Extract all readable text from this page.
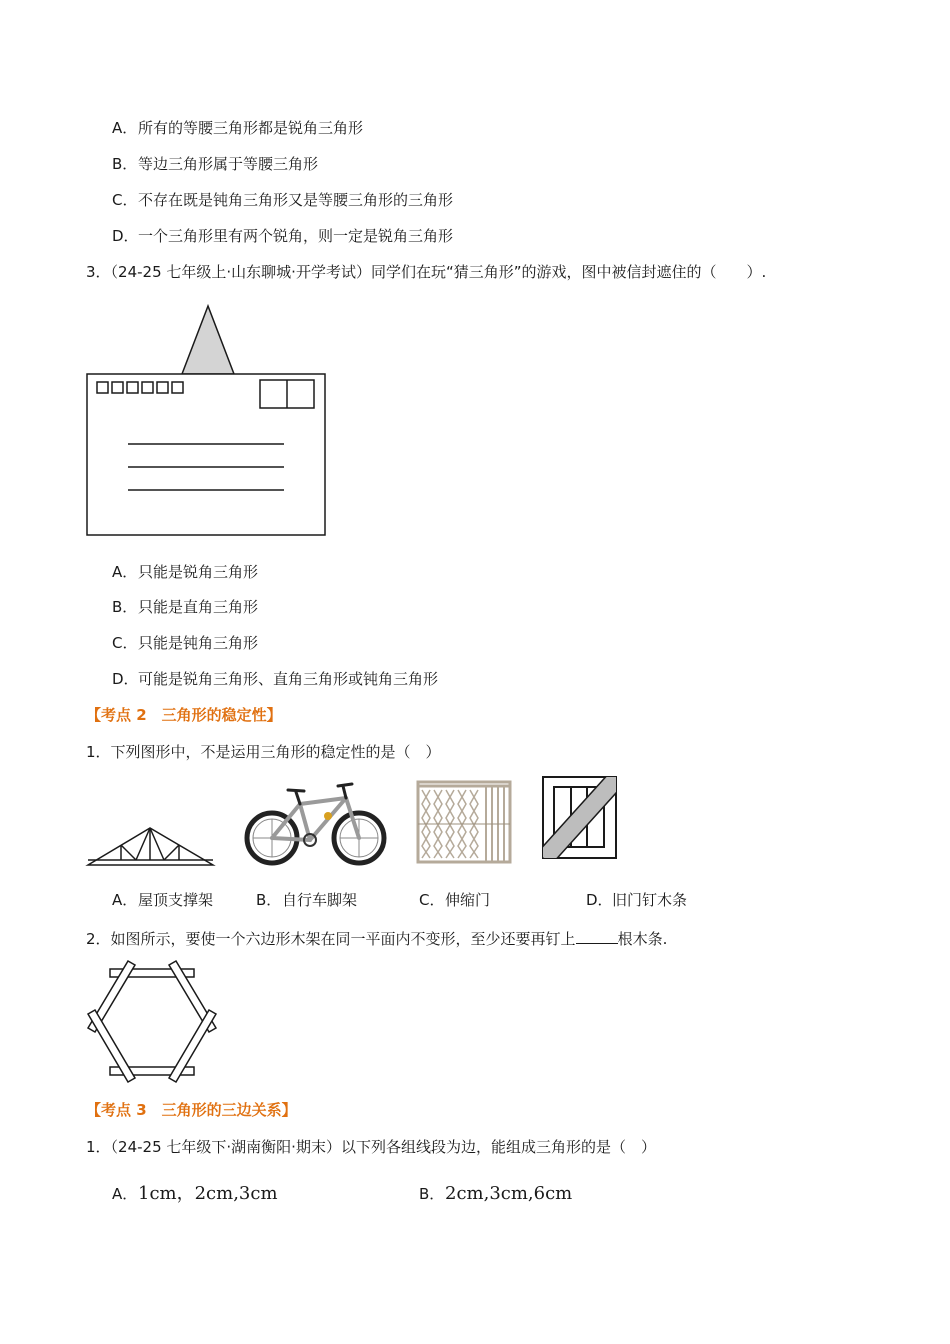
A．所有的等腰三角形都是锐角三角形
B．等边三角形属于等腰三角形
C．不存在既是钝角三角形又是等腰三角形的三角形
D．一个三角形里有两个锐角，则一定是锐角三角形
3．（24-25 七年级上·山东聊城·开学考试）同学们在玩“猜三角形”的游戏，图中被信封遮住的（　　）.
A．只能是锐角三角形
B．只能是直角三角形
C．只能是钝角三角形
D．可能是锐角三角形、直角三角形或钝角三角形
【考点 2　三角形的稳定性】
1．下列图形中，不是运用三角形的稳定性的是（　）
A．屋顶支撑架	B．自行车脚架	C．伸缩门	D．旧门钉木条
2．如图所示，要使一个六边形木架在同一平面内不变形，至少还要再钉上	根木条.
【考点 3　三角形的三边关系】
1．（24-25 七年级下·湖南衡阳·期末）以下列各组线段为边，能组成三角形的是（　）
A．1cm，2cm,3cm	B．2cm,3cm,6cm
